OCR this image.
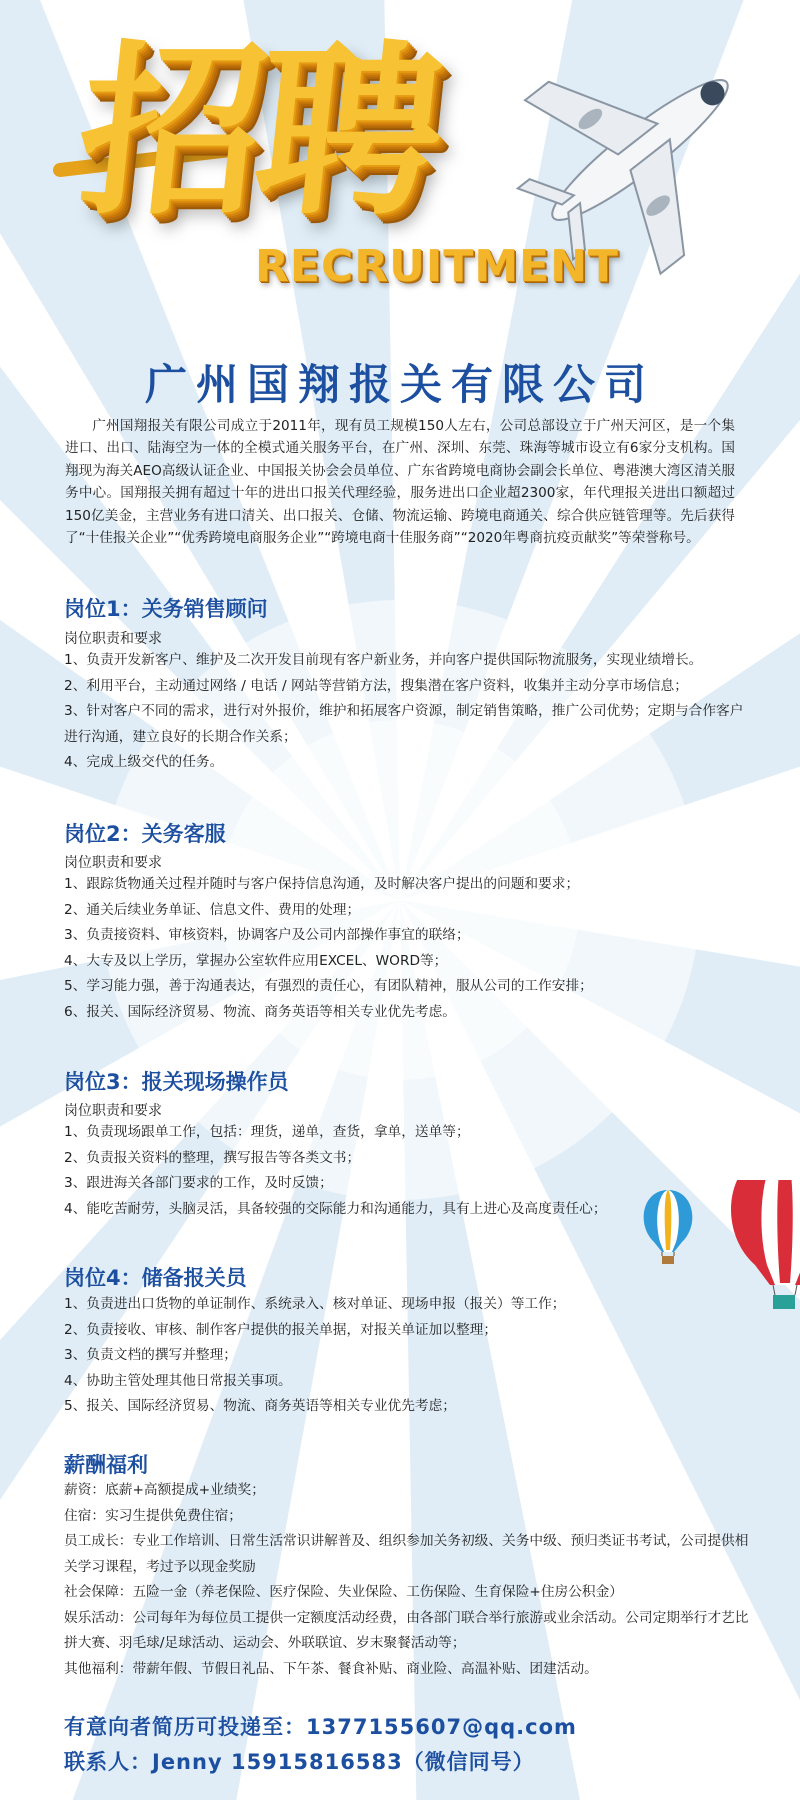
招聘
RECRUITMENT
广州国翔报关有限公司
广州国翔报关有限公司成立于2011年，现有员工规模150人左右，公司总部设立于广州天河区，是一个集进口、出口、陆海空为一体的全模式通关服务平台，在广州、深圳、东莞、珠海等城市设立有6家分支机构。国翔现为海关AEO高级认证企业、中国报关协会会员单位、广东省跨境电商协会副会长单位、粤港澳大湾区清关服务中心。国翔报关拥有超过十年的进出口报关代理经验，服务进出口企业超2300家，年代理报关进出口额超过150亿美金，主营业务有进口清关、出口报关、仓储、物流运输、跨境电商通关、综合供应链管理等。先后获得了“十佳报关企业”“优秀跨境电商服务企业”“跨境电商十佳服务商”“2020年粤商抗疫贡献奖”等荣誉称号。
岗位1：关务销售顾问
岗位职责和要求
1、负责开发新客户、维护及二次开发目前现有客户新业务，并向客户提供国际物流服务，实现业绩增长。
2、利用平台，主动通过网络 / 电话 / 网站等营销方法，搜集潜在客户资料，收集并主动分享市场信息；
3、针对客户不同的需求，进行对外报价，维护和拓展客户资源，制定销售策略，推广公司优势；定期与合作客户进行沟通，建立良好的长期合作关系；
4、完成上级交代的任务。
岗位2：关务客服
岗位职责和要求
1、跟踪货物通关过程并随时与客户保持信息沟通，及时解决客户提出的问题和要求；
2、通关后续业务单证、信息文件、费用的处理；
3、负责接资料、审核资料，协调客户及公司内部操作事宜的联络；
4、大专及以上学历，掌握办公室软件应用EXCEL、WORD等；
5、学习能力强，善于沟通表达，有强烈的责任心，有团队精神，服从公司的工作安排；
6、报关、国际经济贸易、物流、商务英语等相关专业优先考虑。
岗位3：报关现场操作员
岗位职责和要求
1、负责现场跟单工作，包括：理货，递单，查货，拿单，送单等；
2、负责报关资料的整理，撰写报告等各类文书；
3、跟进海关各部门要求的工作，及时反馈；
4、能吃苦耐劳，头脑灵活，具备较强的交际能力和沟通能力，具有上进心及高度责任心；
岗位4：储备报关员
1、负责进出口货物的单证制作、系统录入、核对单证、现场申报（报关）等工作；
2、负责接收、审核、制作客户提供的报关单据，对报关单证加以整理；
3、负责文档的撰写并整理；
4、协助主管处理其他日常报关事项。
5、报关、国际经济贸易、物流、商务英语等相关专业优先考虑；
薪酬福利
薪资：底薪+高额提成+业绩奖；
住宿：实习生提供免费住宿；
员工成长：专业工作培训、日常生活常识讲解普及、组织参加关务初级、关务中级、预归类证书考试，公司提供相关学习课程，考过予以现金奖励
社会保障：五险一金（养老保险、医疗保险、失业保险、工伤保险、生育保险+住房公积金）
娱乐活动：公司每年为每位员工提供一定额度活动经费，由各部门联合举行旅游或业余活动。公司定期举行才艺比拼大赛、羽毛球/足球活动、运动会、外联联谊、岁末聚餐活动等；
其他福利：带薪年假、节假日礼品、下午茶、餐食补贴、商业险、高温补贴、团建活动。
有意向者简历可投递至：1377155607@qq.com
联系人：Jenny 15915816583（微信同号）
